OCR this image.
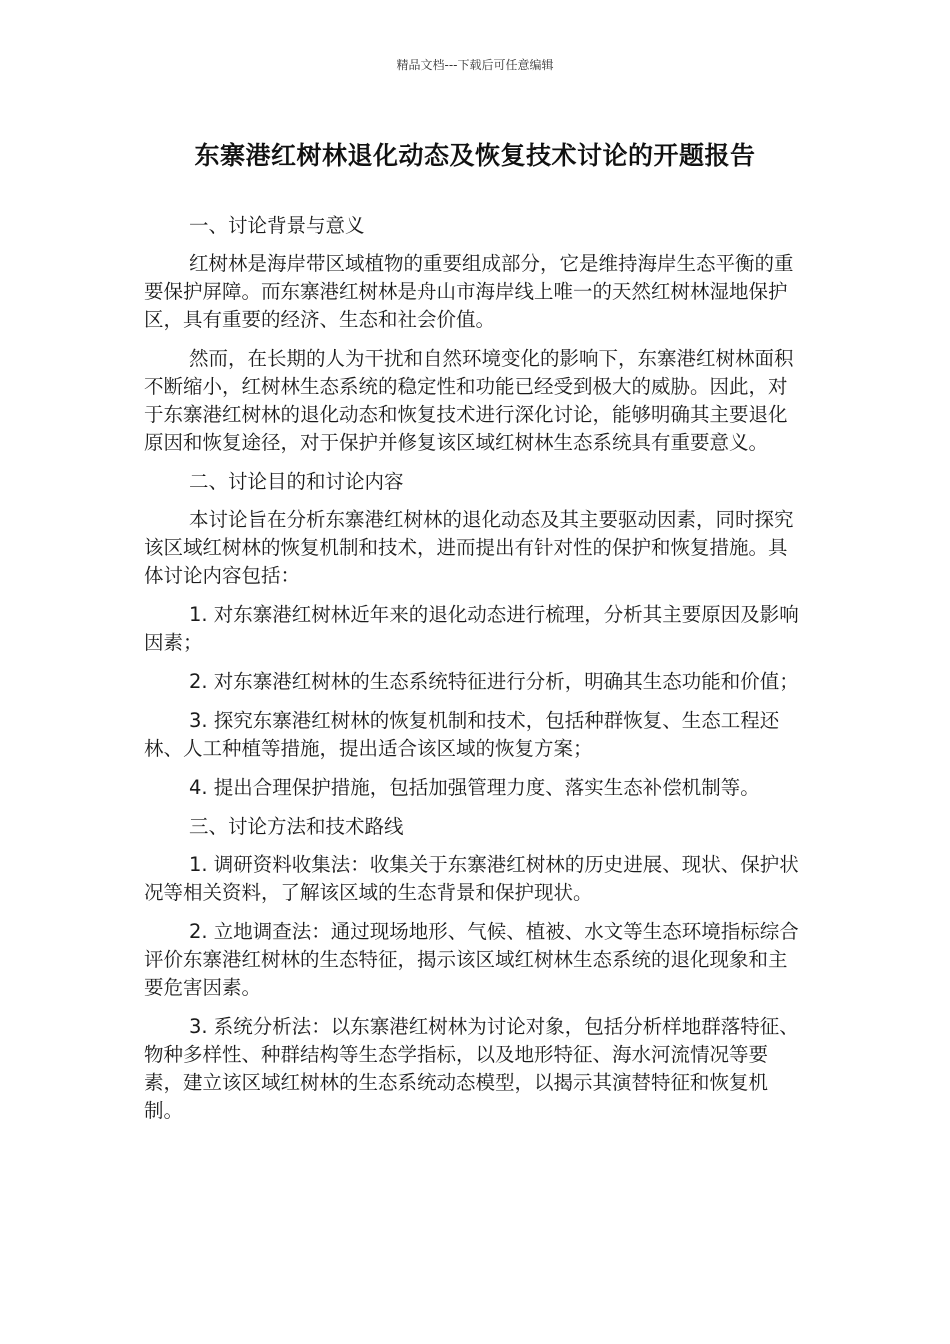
精品文档---下载后可任意编辑
东寨港红树林退化动态及恢复技术讨论的开题报告

一、讨论背景与意义

红树林是海岸带区域植物的重要组成部分，它是维持海岸生态平衡的重要保护屏障。而东寨港红树林是舟山市海岸线上唯一的天然红树林湿地保护区，具有重要的经济、生态和社会价值。

然而，在长期的人为干扰和自然环境变化的影响下，东寨港红树林面积不断缩小，红树林生态系统的稳定性和功能已经受到极大的威胁。因此，对于东寨港红树林的退化动态和恢复技术进行深化讨论，能够明确其主要退化原因和恢复途径，对于保护并修复该区域红树林生态系统具有重要意义。

二、讨论目的和讨论内容

本讨论旨在分析东寨港红树林的退化动态及其主要驱动因素，同时探究该区域红树林的恢复机制和技术，进而提出有针对性的保护和恢复措施。具体讨论内容包括：

1. 对东寨港红树林近年来的退化动态进行梳理，分析其主要原因及影响因素；

2. 对东寨港红树林的生态系统特征进行分析，明确其生态功能和价值；

3. 探究东寨港红树林的恢复机制和技术，包括种群恢复、生态工程还林、人工种植等措施，提出适合该区域的恢复方案；

4. 提出合理保护措施，包括加强管理力度、落实生态补偿机制等。

三、讨论方法和技术路线

1. 调研资料收集法：收集关于东寨港红树林的历史进展、现状、保护状况等相关资料，了解该区域的生态背景和保护现状。

2. 立地调查法：通过现场地形、气候、植被、水文等生态环境指标综合评价东寨港红树林的生态特征，揭示该区域红树林生态系统的退化现象和主要危害因素。

3. 系统分析法：以东寨港红树林为讨论对象，包括分析样地群落特征、物种多样性、种群结构等生态学指标，以及地形特征、海水河流情况等要素，建立该区域红树林的生态系统动态模型，以揭示其演替特征和恢复机制。
